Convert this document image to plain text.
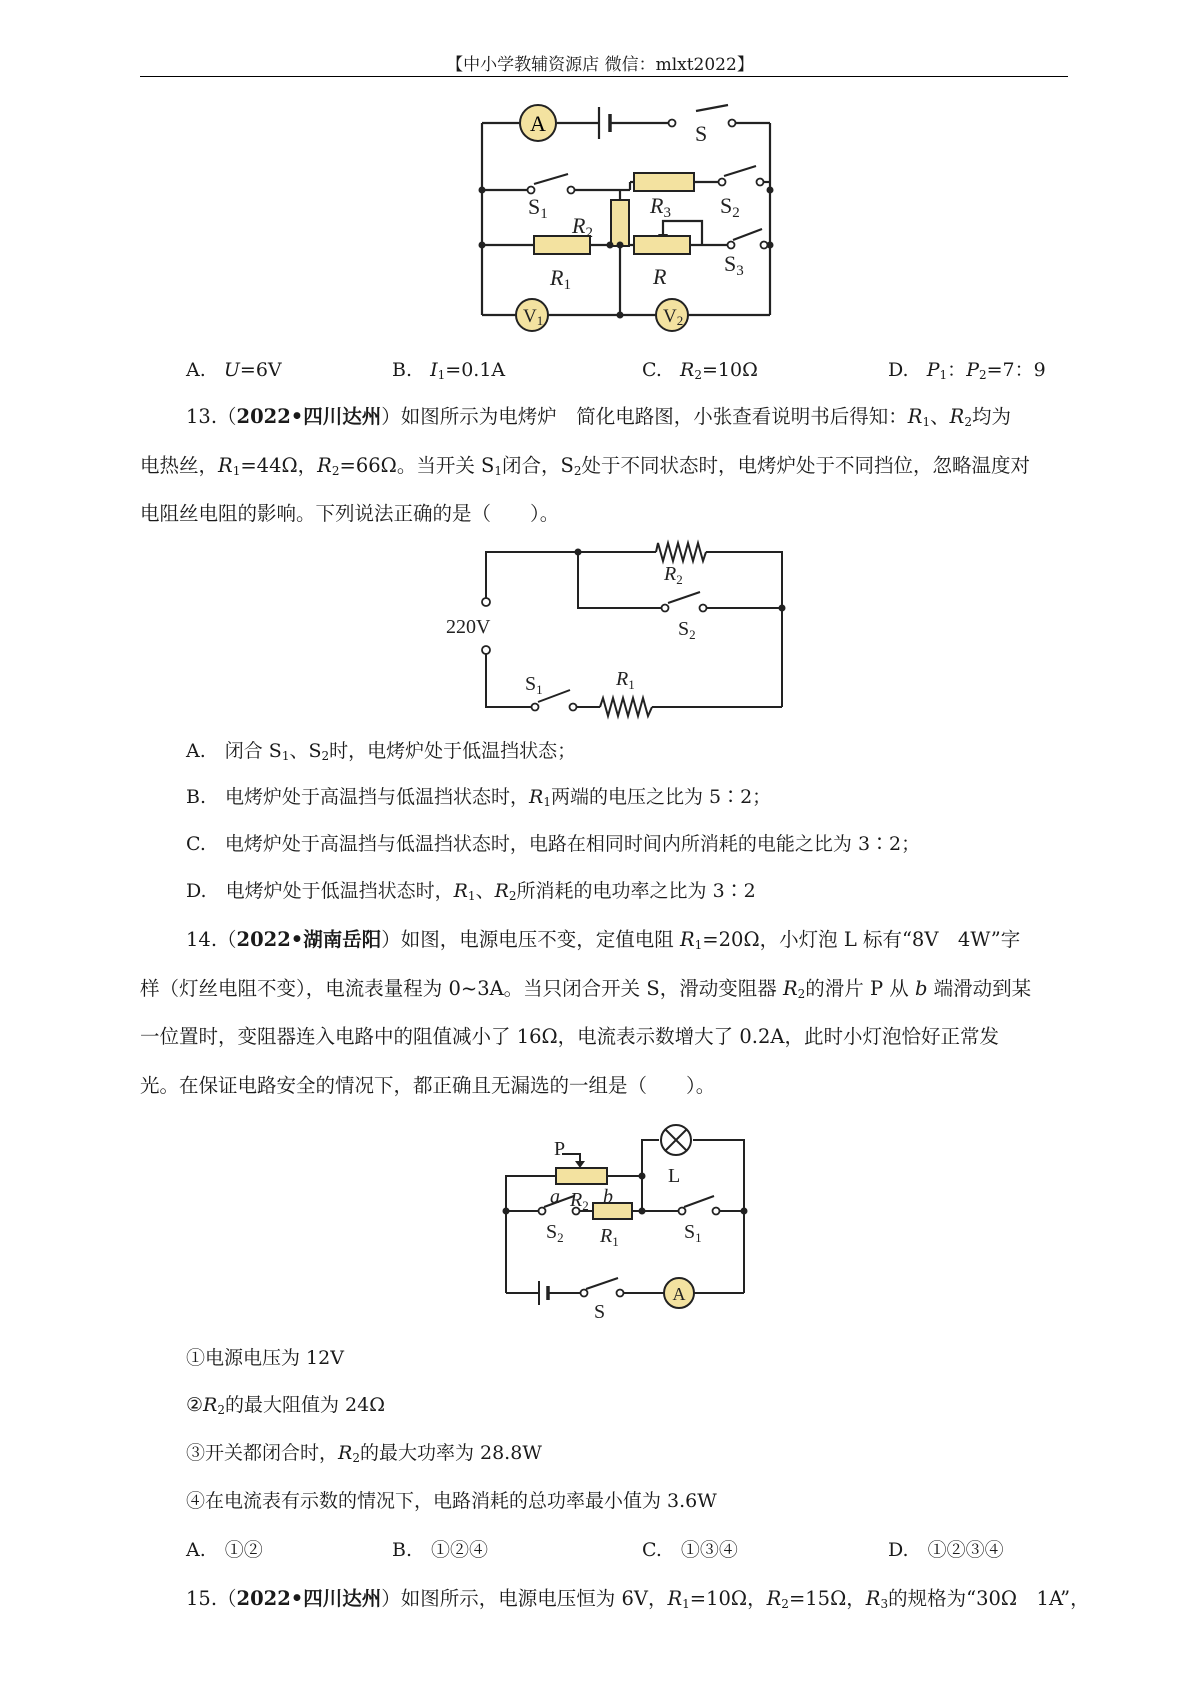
【中小学教辅资源店 微信：mlxt2022】
A	S
S1 R2
R3 S2
S3
R1	R
V1	V2
A. U=6V	B. $I_1=0.1A$	C. $R_2=10\Omega$	D. $P_1$：$P_2=7$：9
13.（2022•四川达州）如图所示为电烤炉　简化电路图，小张查看说明书后得知：$R_1$、$R_2$均为
电热丝，$R_1=44\Omega$，$R_2=66\Omega$。当开关 $S_1$闭合，$S_2$处于不同状态时，电烤炉处于不同挡位，忽略温度对
电阻丝电阻的影响。下列说法正确的是（　　）。
220V
$R_2$
$S_2$
$S_1$	$R_1$
A.　闭合 $S_1$、$S_2$时，电烤炉处于低温挡状态；
B.　电烤炉处于高温挡与低温挡状态时，$R_1$两端的电压之比为 5∶2；
C.　电烤炉处于高温挡与低温挡状态时，电路在相同时间内所消耗的电能之比为 3∶2；
D.　电烤炉处于低温挡状态时，$R_1$、$R_2$所消耗的电功率之比为 3∶2
14.（2022•湖南岳阳）如图，电源电压不变，定值电阻 $R_1=20\Omega$，小灯泡 L 标有“8V　4W”字
样（灯丝电阻不变），电流表量程为 0~3A。当只闭合开关 S，滑动变阻器 $R_2$的滑片 P 从 b 端滑动到某
一位置时，变阻器连入电路中的阻值减小了 16Ω，电流表示数增大了 0.2A，此时小灯泡恰好正常发
光。在保证电路安全的情况下，都正确且无漏选的一组是（　　）。
P
L
a $R_2$ b
$S_2$ $R_1$	$S_1$
S
A
①电源电压为 12V
$②R_2$的最大阻值为 24Ω
③开关都闭合时，$R_2$的最大功率为 28.8W
④在电流表有示数的情况下，电路消耗的总功率最小值为 3.6W
A.　①②	B.　①②④	C.　①③④	D.　①②③④
15.（2022•四川达州）如图所示，电源电压恒为 6V，$R_1=10\Omega$，$R_2=15\Omega$，$R_3$的规格为“30Ω　1A”，
